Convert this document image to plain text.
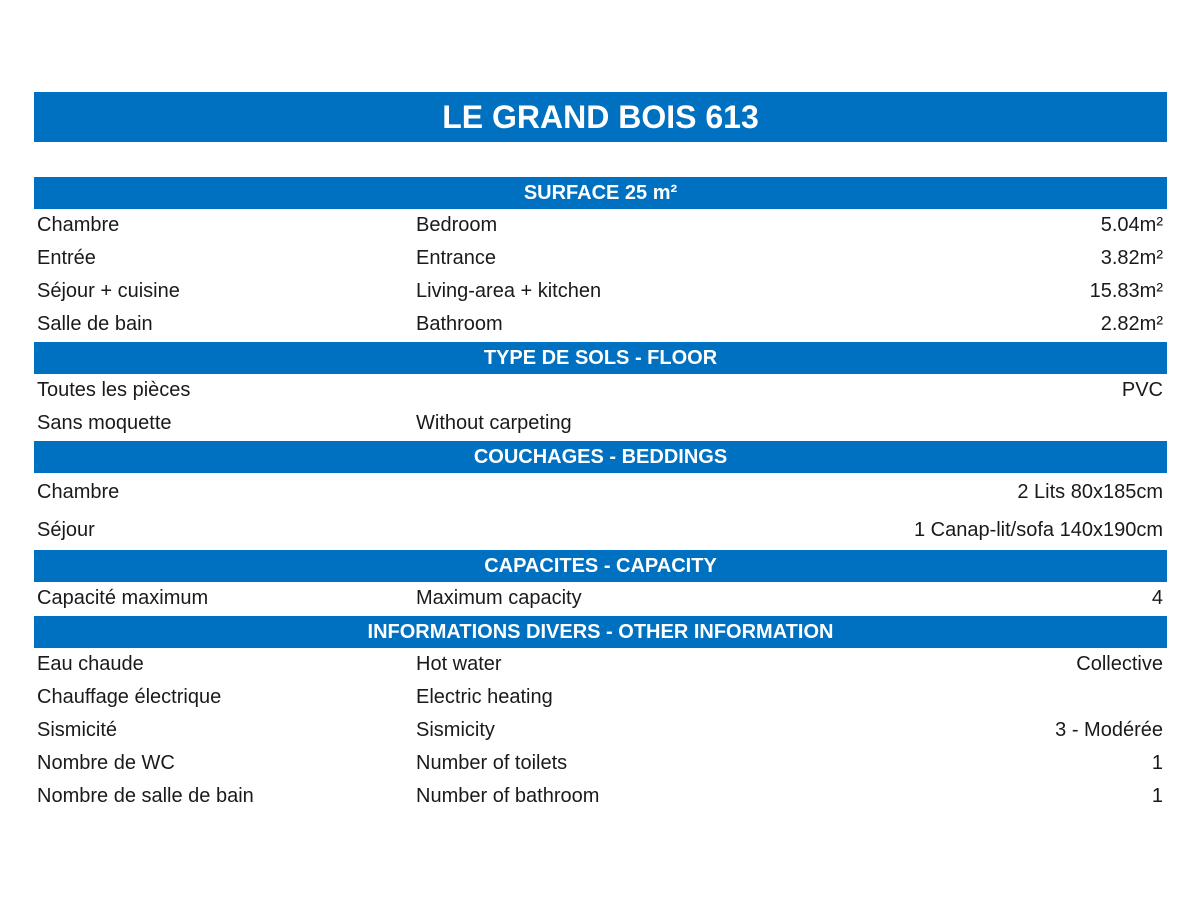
LE GRAND BOIS 613
SURFACE 25 m²
Chambre	Bedroom	5.04m²
Entrée	Entrance	3.82m²
Séjour + cuisine	Living-area + kitchen	15.83m²
Salle de bain	Bathroom	2.82m²
TYPE DE SOLS - FLOOR
Toutes les pièces	PVC
Sans moquette	Without carpeting
COUCHAGES - BEDDINGS
Chambre	2 Lits 80x185cm
Séjour	1 Canap-lit/sofa 140x190cm
CAPACITES - CAPACITY
Capacité maximum	Maximum capacity	4
INFORMATIONS DIVERS - OTHER INFORMATION
Eau chaude	Hot water	Collective
Chauffage électrique	Electric heating
Sismicité	Sismicity	3 - Modérée
Nombre de WC	Number of toilets	1
Nombre de salle de bain	Number of bathroom	1
